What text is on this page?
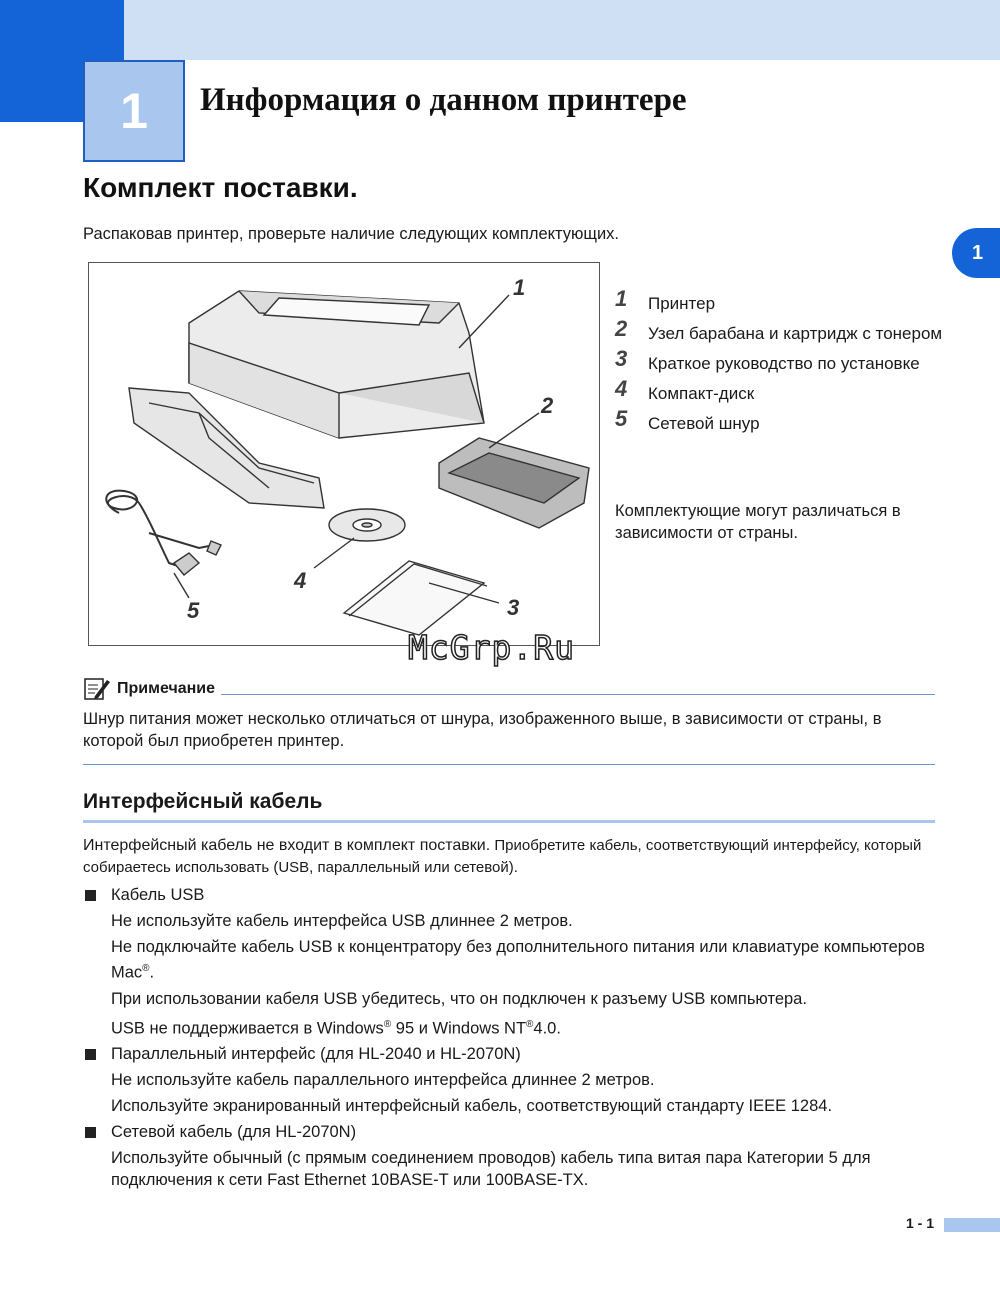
1 Информация о данном принтере
1
Комплект поставки.
Распаковав принтер, проверьте наличие следующих комплектующих.
1
2
3
4
5
1	Принтер
2	Узел барабана и картридж с тонером
3	Краткое руководство по установке
4	Компакт-диск
5	Сетевой шнур
Комплектующие могут различаться в зависимости от страны.
McGrp.Ru
Примечание
Шнур питания может несколько отличаться от шнура, изображенного выше, в зависимости от страны, в которой был приобретен принтер.
Интерфейсный кабель
Интерфейсный кабель не входит в комплект поставки. Приобретите кабель, соответствующий интерфейсу, который собираетесь использовать (USB, параллельный или сетевой).
Кабель USB
Не используйте кабель интерфейса USB длиннее 2 метров.
Не подключайте кабель USB к концентратору без дополнительного питания или клавиатуре компьютеров Mac®.
При использовании кабеля USB убедитесь, что он подключен к разъему USB компьютера.
USB не поддерживается в Windows® 95 и Windows NT®4.0.
Параллельный интерфейс (для HL-2040 и HL-2070N)
Не используйте кабель параллельного интерфейса длиннее 2 метров.
Используйте экранированный интерфейсный кабель, соответствующий стандарту IEEE 1284.
Сетевой кабель (для HL-2070N)
Используйте обычный (с прямым соединением проводов) кабель типа витая пара Категории 5 для подключения к сети Fast Ethernet 10BASE-T или 100BASE-TX.
1 - 1
